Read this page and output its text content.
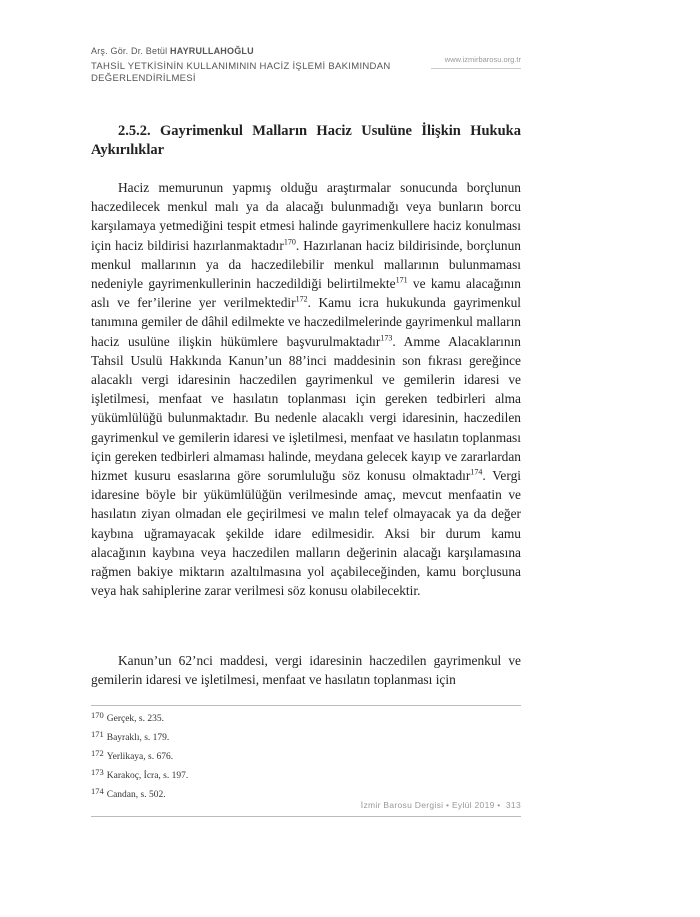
Arş. Gör. Dr. Betül HAYRULLAHOĞLU
TAHSİL YETKİSİNİN KULLANIMININ HACİZ İŞLEMİ BAKIMINDAN DEĞERLENDİRİLMESİ
www.izmirbarosu.org.tr
2.5.2. Gayrimenkul Malların Haciz Usulüne İlişkin Hukuka Aykırılıklar

Haciz memurunun yapmış olduğu araştırmalar sonucunda borçlunun haczedilecek menkul malı ya da alacağı bulunmadığı veya bunların borcu karşılamaya yetmediğini tespit etmesi halinde gayrimenkullere haciz konulması için haciz bildirisi hazırlanmaktadır$^{170}$. Hazırlanan haciz bildirisinde, borçlunun menkul mallarının ya da haczedilebilir menkul mallarının bulunmaması nedeniyle gayrimenkullerinin haczedildiği belirtilmekte$^{171}$ ve kamu alacağının aslı ve fer’ilerine yer verilmektedir$^{172}$. Kamu icra hukukunda gayrimenkul tanımına gemiler de dâhil edilmekte ve haczedilmelerinde gayrimenkul malların haciz usulüne ilişkin hükümlere başvurulmaktadır$^{173}$. Amme Alacaklarının Tahsil Usulü Hakkında Kanun’un 88’inci maddesinin son fıkrası gereğince alacaklı vergi idaresinin haczedilen gayrimenkul ve gemilerin idaresi ve işletilmesi, menfaat ve hasılatın toplanması için gereken tedbirleri alma yükümlülüğü bulunmaktadır. Bu nedenle alacaklı vergi idaresinin, haczedilen gayrimenkul ve gemilerin idaresi ve işletilmesi, menfaat ve hasılatın toplanması için gereken tedbirleri almaması halinde, meydana gelecek kayıp ve zararlardan hizmet kusuru esaslarına göre sorumluluğu söz konusu olmaktadır$^{174}$. Vergi idaresine böyle bir yükümlülüğün verilmesinde amaç, mevcut menfaatin ve hasılatın ziyan olmadan ele geçirilmesi ve malın telef olmayacak ya da değer kaybına uğramayacak şekilde idare edilmesidir. Aksi bir durum kamu alacağının kaybına veya haczedilen malların değerinin alacağı karşılamasına rağmen bakiye miktarın azaltılmasına yol açabileceğinden, kamu borçlusuna veya hak sahiplerine zarar verilmesi söz konusu olabilecektir.

Kanun’un 62’nci maddesi, vergi idaresinin haczedilen gayrimenkul ve gemilerin idaresi ve işletilmesi, menfaat ve hasılatın toplanması için

170 Gerçek, s. 235.
171 Bayraklı, s. 179.
172 Yerlikaya, s. 676.
173 Karakoç, İcra, s. 197.
174 Candan, s. 502.
İzmir Barosu Dergisi • Eylül 2019 •  313
